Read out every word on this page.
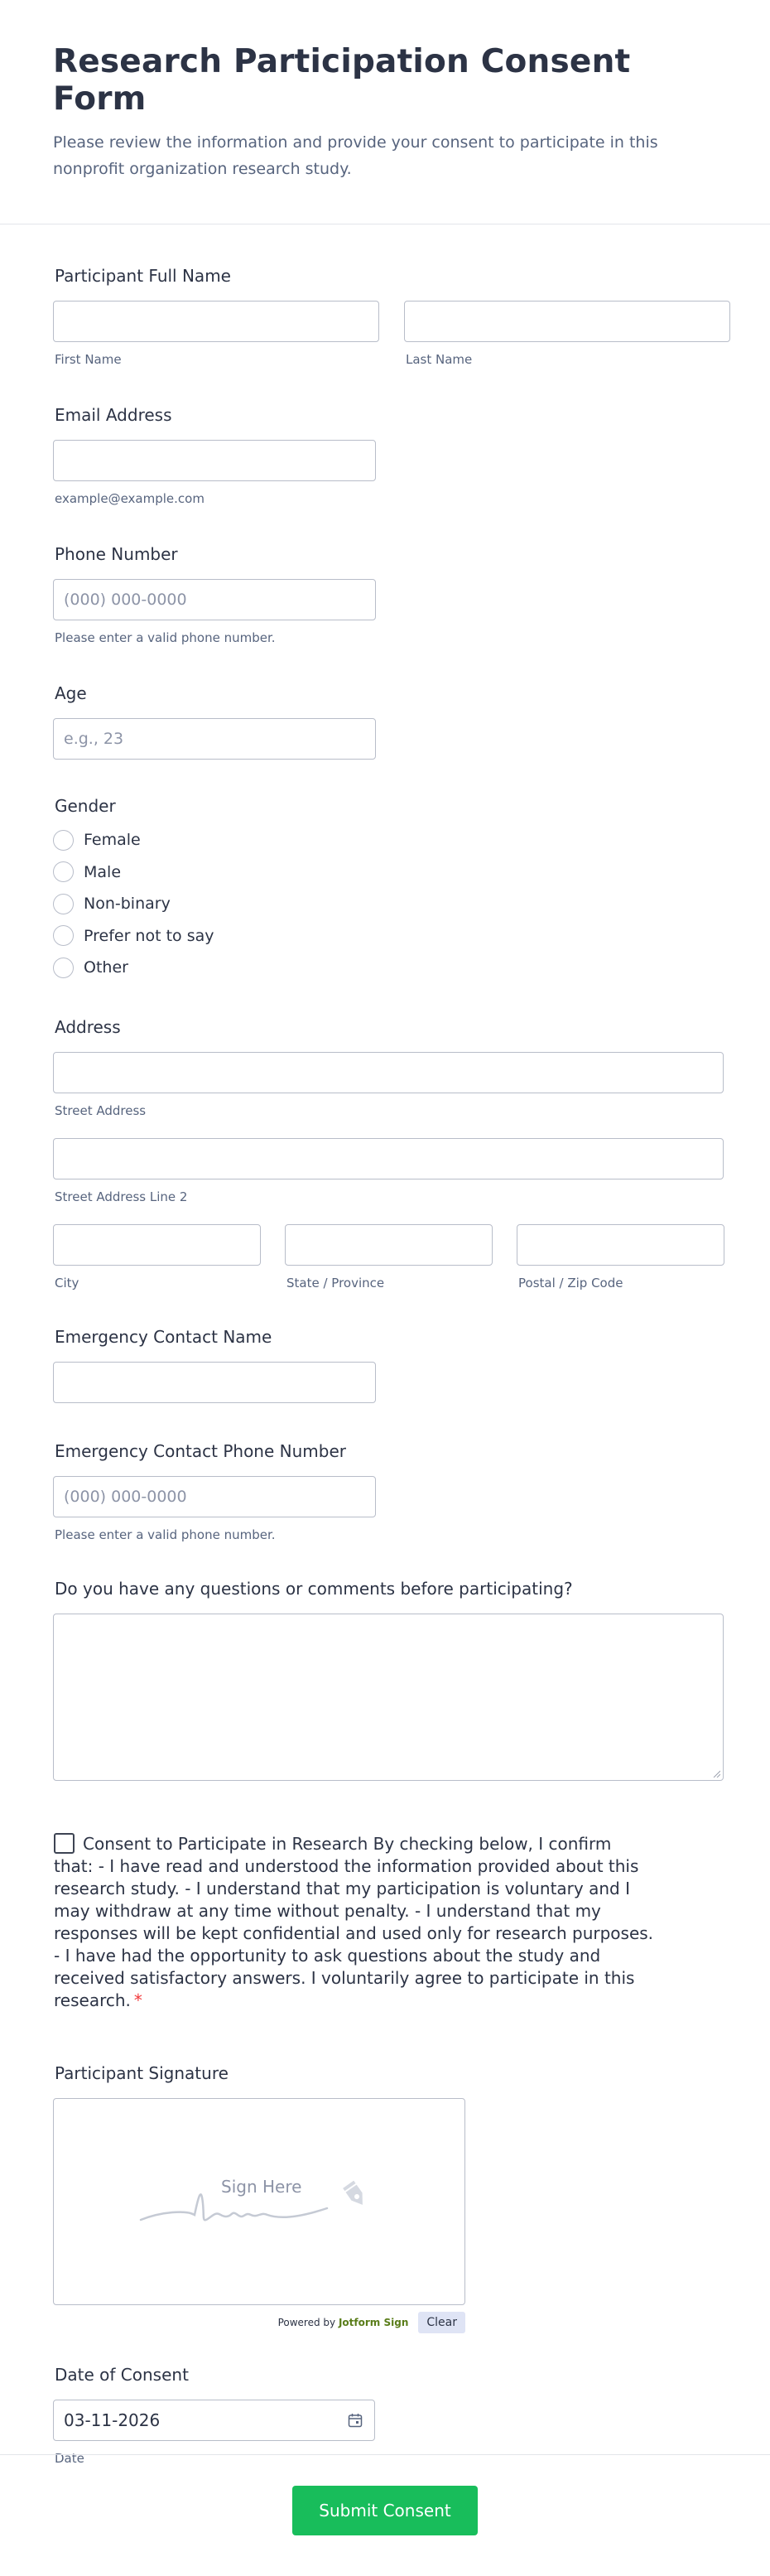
Research Participation Consent Form

Please review the information and provide your consent to participate in this nonprofit organization research study.

Participant Full Name
First Name	Last Name
Email Address
example@example.com
Phone Number
(000) 000-0000
Please enter a valid phone number.
Age
e.g., 23
Gender
Female
Male
Non-binary
Prefer not to say
Other
Address
Street Address
Street Address Line 2
City	State / Province	Postal / Zip Code
Emergency Contact Name
Emergency Contact Phone Number
(000) 000-0000
Please enter a valid phone number.
Do you have any questions or comments before participating?
Consent to Participate in Research By checking below, I confirm that: - I have read and understood the information provided about this research study. - I understand that my participation is voluntary and I may withdraw at any time without penalty. - I understand that my responses will be kept confidential and used only for research purposes. - I have had the opportunity to ask questions about the study and received satisfactory answers. I voluntarily agree to participate in this research. *
Participant Signature
Sign Here
Powered by Jotform Sign	Clear
Date of Consent
03-11-2026
Date
Submit Consent
